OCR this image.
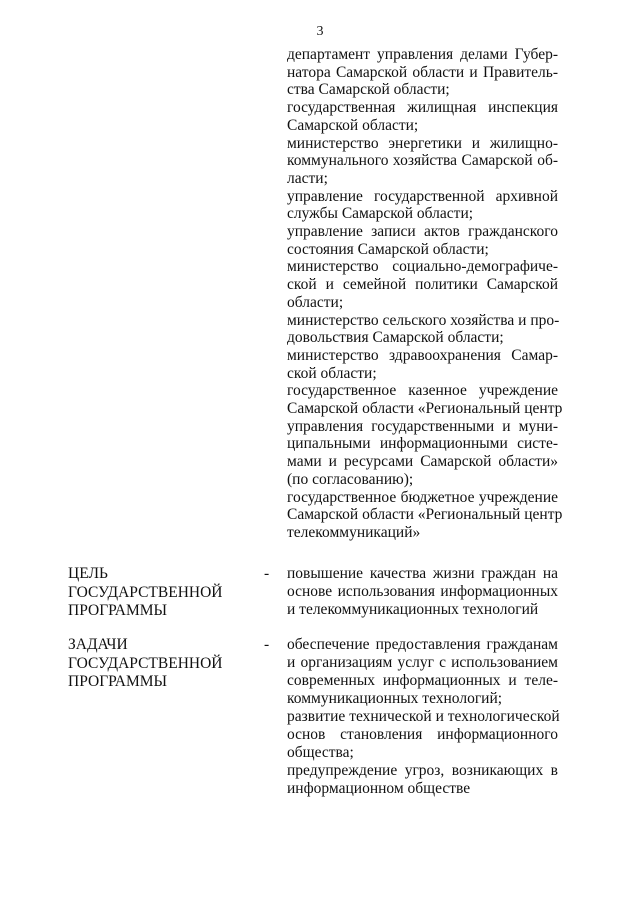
3
департамент управления делами Губер-
натора Самарской области и Правитель-
ства Самарской области;
государственная жилищная инспекция
Самарской области;
министерство энергетики и жилищно-
коммунального хозяйства Самарской об-
ласти;
управление государственной архивной
службы Самарской области;
управление записи актов гражданского
состояния Самарской области;
министерство социально-демографиче-
ской и семейной политики Самарской
области;
министерство сельского хозяйства и про-
довольствия Самарской области;
министерство здравоохранения Самар-
ской области;
государственное казенное учреждение
Самарской области «Региональный центр
управления государственными и муни-
ципальными информационными систе-
мами и ресурсами Самарской области»
(по согласованию);
государственное бюджетное учреждение
Самарской области «Региональный центр
телекоммуникаций»
ЦЕЛЬ
ГОСУДАРСТВЕННОЙ
ПРОГРАММЫ
- повышение качества жизни граждан на
основе использования информационных
и телекоммуникационных технологий
ЗАДАЧИ
ГОСУДАРСТВЕННОЙ
ПРОГРАММЫ
- обеспечение предоставления гражданам
и организациям услуг с использованием
современных информационных и теле-
коммуникационных технологий;
развитие технической и технологической
основ становления информационного
общества;
предупреждение угроз, возникающих в
информационном обществе
